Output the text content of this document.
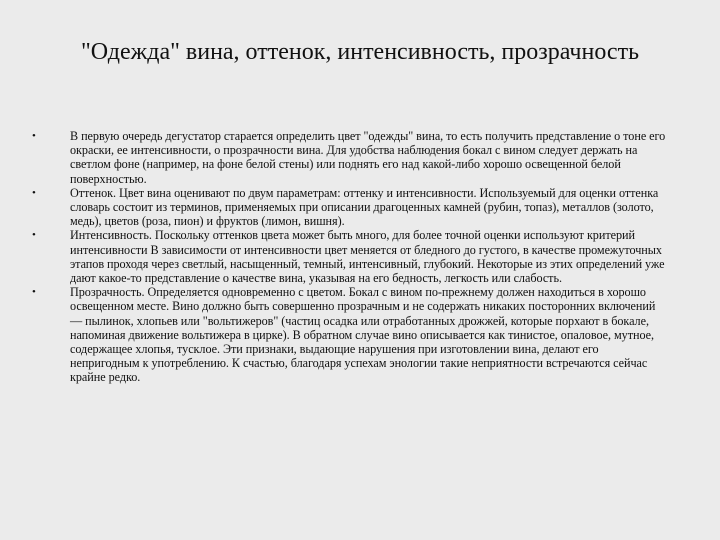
"Одежда" вина, оттенок, интенсивность, прозрачность
•	В первую очередь дегустатор старается определить цвет "одежды" вина, то есть получить представление о тоне его окраски, ее интенсивности, о прозрачности вина. Для удобства наблюдения бокал с вином следует держать на светлом фоне (например, на фоне белой стены) или поднять его над какой-либо хорошо освещенной белой поверхностью.
•	Оттенок. Цвет вина оценивают по двум параметрам: оттенку и интенсивности. Используемый для оценки оттенка словарь состоит из терминов, применяемых при описании драгоценных камней (рубин, топаз), металлов (золото, медь), цветов (роза, пион) и фруктов (лимон, вишня).
•	Интенсивность. Поскольку оттенков цвета может быть много, для более точной оценки используют критерий интенсивности В зависимости от интенсивности цвет меняется от бледного до густого, в качестве промежуточных этапов проходя через светлый, насыщенный, темный, интенсивный, глубокий. Некоторые из этих определений уже дают какое-то представление о качестве вина, указывая на его бедность, легкость или слабость.
•	Прозрачность. Определяется одновременно с цветом. Бокал с вином по-прежнему должен находиться в хорошо освещенном месте. Вино должно быть совершенно прозрачным и не содержать никаких посторонних включений — пылинок, хлопьев или "вольтижеров" (частиц осадка или отработанных дрожжей, которые порхают в бокале, напоминая движение вольтижера в цирке). В обратном случае вино описывается как тинистое, опаловое, мутное, содержащее хлопья, тусклое. Эти признаки, выдающие нарушения при изготовлении вина, делают его непригодным к употреблению. К счастью, благодаря успехам энологии такие неприятности встречаются сейчас крайне редко.
